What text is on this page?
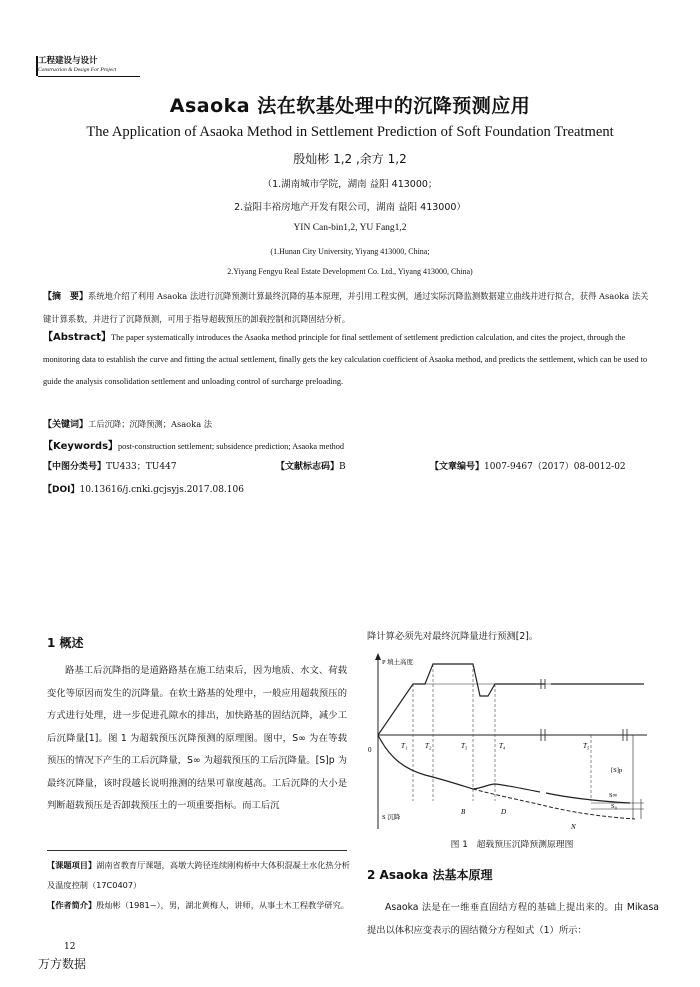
工程建设与设计
Construction & Design For Project
Asaoka 法在软基处理中的沉降预测应用
The Application of Asaoka Method in Settlement Prediction of Soft Foundation Treatment
殷灿彬 1,2 ,余方 1,2
（1.湖南城市学院，湖南 益阳 413000；
2.益阳丰裕房地产开发有限公司，湖南 益阳 413000）
YIN Can-bin1,2, YU Fang1,2
(1.Hunan City University, Yiyang 413000, China;
2.Yiyang Fengyu Real Estate Development Co. Ltd., Yiyang 413000, China)
【摘　要】系统地介绍了利用 Asaoka 法进行沉降预测计算最终沉降的基本原理，并引用工程实例，通过实际沉降监测数据建立曲线并进行拟合，获得 Asaoka 法关键计算系数，并进行了沉降预测，可用于指导超载预压的卸载控制和沉降固结分析。
【Abstract】The paper systematically introduces the Asaoka method principle for final settlement of settlement prediction calculation, and cites the project, through the monitoring data to establish the curve and fitting the actual settlement, finally gets the key calculation coefficient of Asaoka method, and predicts the settlement, which can be used to guide the analysis consolidation settlement and unloading control of surcharge preloading.
【关键词】工后沉降；沉降预测；Asaoka 法
【Keywords】post-construction settlement; subsidence prediction; Asaoka method
【中图分类号】TU433；TU447	【文献标志码】B	【文章编号】1007-9467（2017）08-0012-02
【DOI】10.13616/j.cnki.gcjsyjs.2017.08.106
1 概述

路基工后沉降指的是道路路基在施工结束后，因为地质、水文、荷载变化等原因而发生的沉降量。在软土路基的处理中，一般应用超载预压的方式进行处理，进一步促进孔隙水的排出，加快路基的固结沉降，减少工后沉降量[1]。图 1 为超载预压沉降预测的原理图。图中，S∞ 为在等载预压的情况下产生的工后沉降量，S∞ 为超载预压的工后沉降量。[S]p 为最终沉降量，该时段越长说明推测的结果可靠度越高。工后沉降的大小是判断超载预压是否卸载预压土的一项重要指标。而工后沉

【课题项目】湖南省教育厅课题，高墩大跨径连续刚构桥中大体积混凝土水化热分析及温度控制（17C0407）

【作者简介】殷灿彬（1981~），男，湖北黄梅人，讲师，从事土木工程教学研究。

12
万方数据
降计算必须先对最终沉降量进行预测[2]。
P 填土高度
S 沉降
0	T₁	T₂	T₃	T₄	T₅
[S]p
S∞
S₀
B	D
N
图 1　超载预压沉降预测原理图
2 Asaoka 法基本原理

Asaoka 法是在一维垂直固结方程的基础上提出来的。由 Mikasa 提出以体积应变表示的固结微分方程如式（1）所示：
